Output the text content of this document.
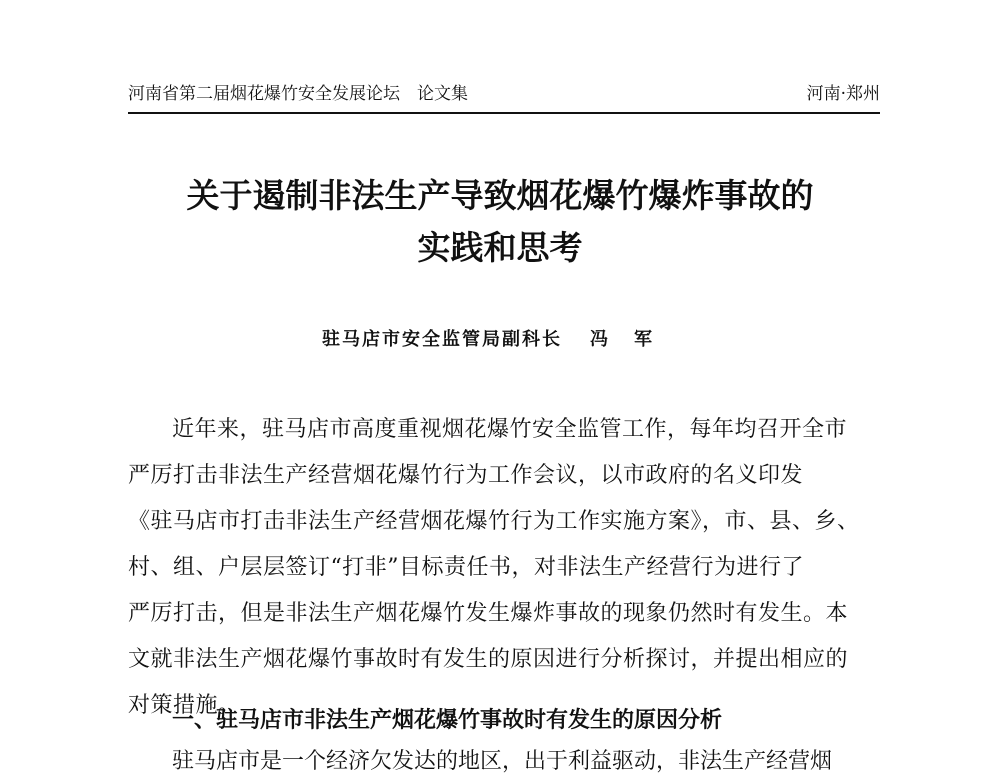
河南省第二届烟花爆竹安全发展论坛　论文集	河南·郑州
关于遏制非法生产导致烟花爆竹爆炸事故的
实践和思考
驻马店市安全监管局副科长 冯军
近年来，驻马店市高度重视烟花爆竹安全监管工作，每年均召开全市
严厉打击非法生产经营烟花爆竹行为工作会议，以市政府的名义印发
《驻马店市打击非法生产经营烟花爆竹行为工作实施方案》，市、县、乡、
村、组、户层层签订“打非”目标责任书，对非法生产经营行为进行了
严厉打击，但是非法生产烟花爆竹发生爆炸事故的现象仍然时有发生。本
文就非法生产烟花爆竹事故时有发生的原因进行分析探讨，并提出相应的
对策措施。
一、驻马店市非法生产烟花爆竹事故时有发生的原因分析
驻马店市是一个经济欠发达的地区，出于利益驱动，非法生产经营烟
